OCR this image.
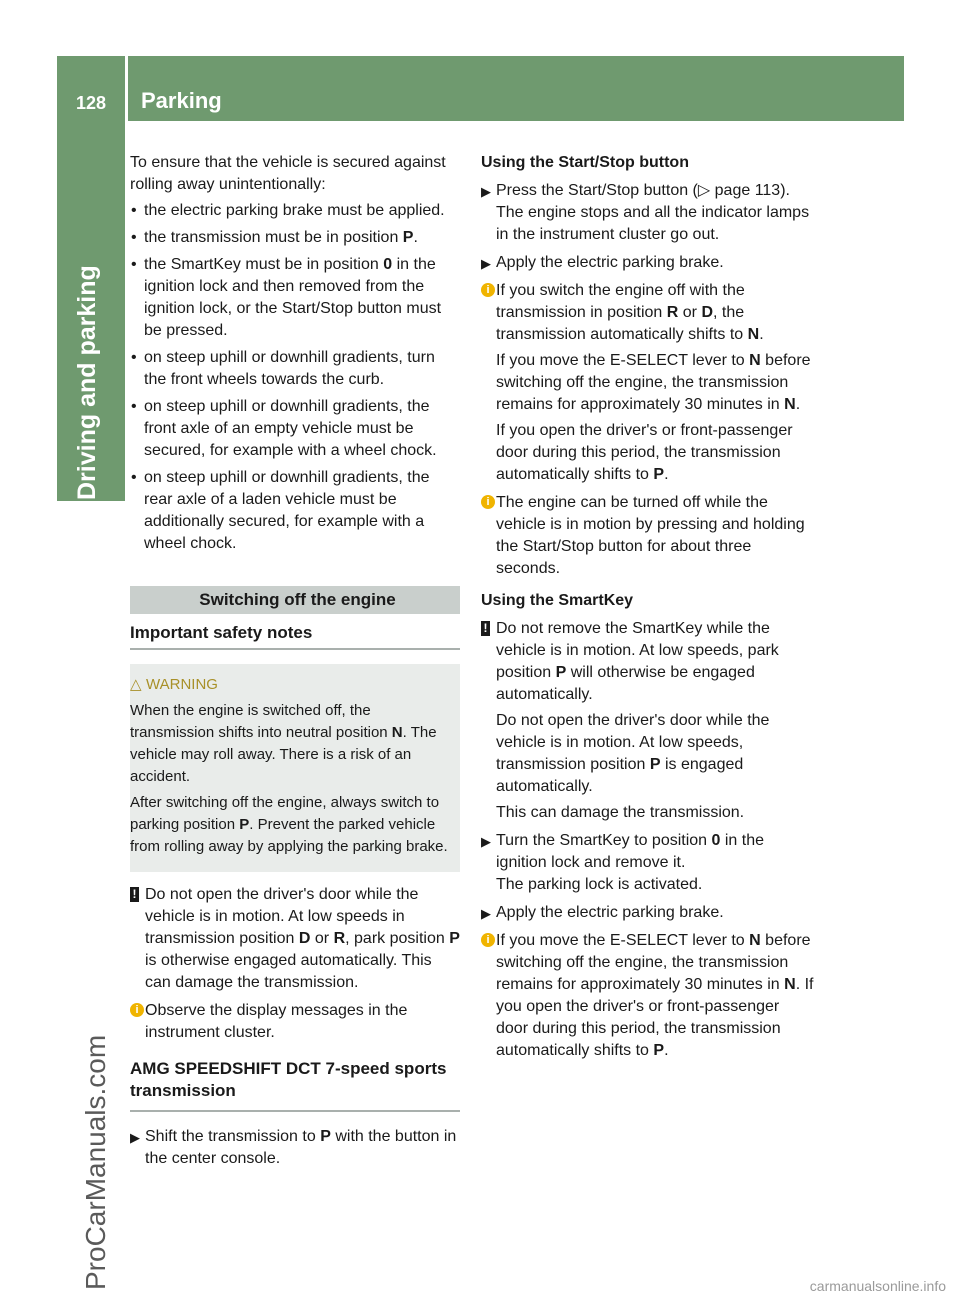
128	Parking
Driving and parking
ProCarManuals.com	carmanualsonline.info

To ensure that the vehicle is secured against rolling away unintentionally:

• the electric parking brake must be applied.
• the transmission must be in position P.
• the SmartKey must be in position 0 in the ignition lock and then removed from the ignition lock, or the Start/Stop button must be pressed.
• on steep uphill or downhill gradients, turn the front wheels towards the curb.
• on steep uphill or downhill gradients, the front axle of an empty vehicle must be secured, for example with a wheel chock.
• on steep uphill or downhill gradients, the rear axle of a laden vehicle must be additionally secured, for example with a wheel chock.
Switching off the engine
Important safety notes
△ WARNING

When the engine is switched off, the transmission shifts into neutral position N. The vehicle may roll away. There is a risk of an accident.

After switching off the engine, always switch to parking position P. Prevent the parked vehicle from rolling away by applying the parking brake.

! Do not open the driver's door while the vehicle is in motion. At low speeds in transmission position D or R, park position P is otherwise engaged automatically. This can damage the transmission.

i Observe the display messages in the instrument cluster.

AMG SPEEDSHIFT DCT 7-speed sports transmission
▶ Shift the transmission to P with the button in the center console.
Using the Start/Stop button
▶ Press the Start/Stop button (▷ page 113).
The engine stops and all the indicator lamps in the instrument cluster go out.
▶ Apply the electric parking brake.
i If you switch the engine off with the transmission in position R or D, the transmission automatically shifts to N.

If you move the E-SELECT lever to N before switching off the engine, the transmission remains for approximately 30 minutes in N.

If you open the driver's or front-passenger door during this period, the transmission automatically shifts to P.

i The engine can be turned off while the vehicle is in motion by pressing and holding the Start/Stop button for about three seconds.

Using the SmartKey
! Do not remove the SmartKey while the vehicle is in motion. At low speeds, park position P will otherwise be engaged automatically.

Do not open the driver's door while the vehicle is in motion. At low speeds, transmission position P is engaged automatically.

This can damage the transmission.

▶ Turn the SmartKey to position 0 in the ignition lock and remove it.
The parking lock is activated.
▶ Apply the electric parking brake.
i If you move the E-SELECT lever to N before switching off the engine, the transmission remains for approximately 30 minutes in N. If you open the driver's or front-passenger door during this period, the transmission automatically shifts to P.
